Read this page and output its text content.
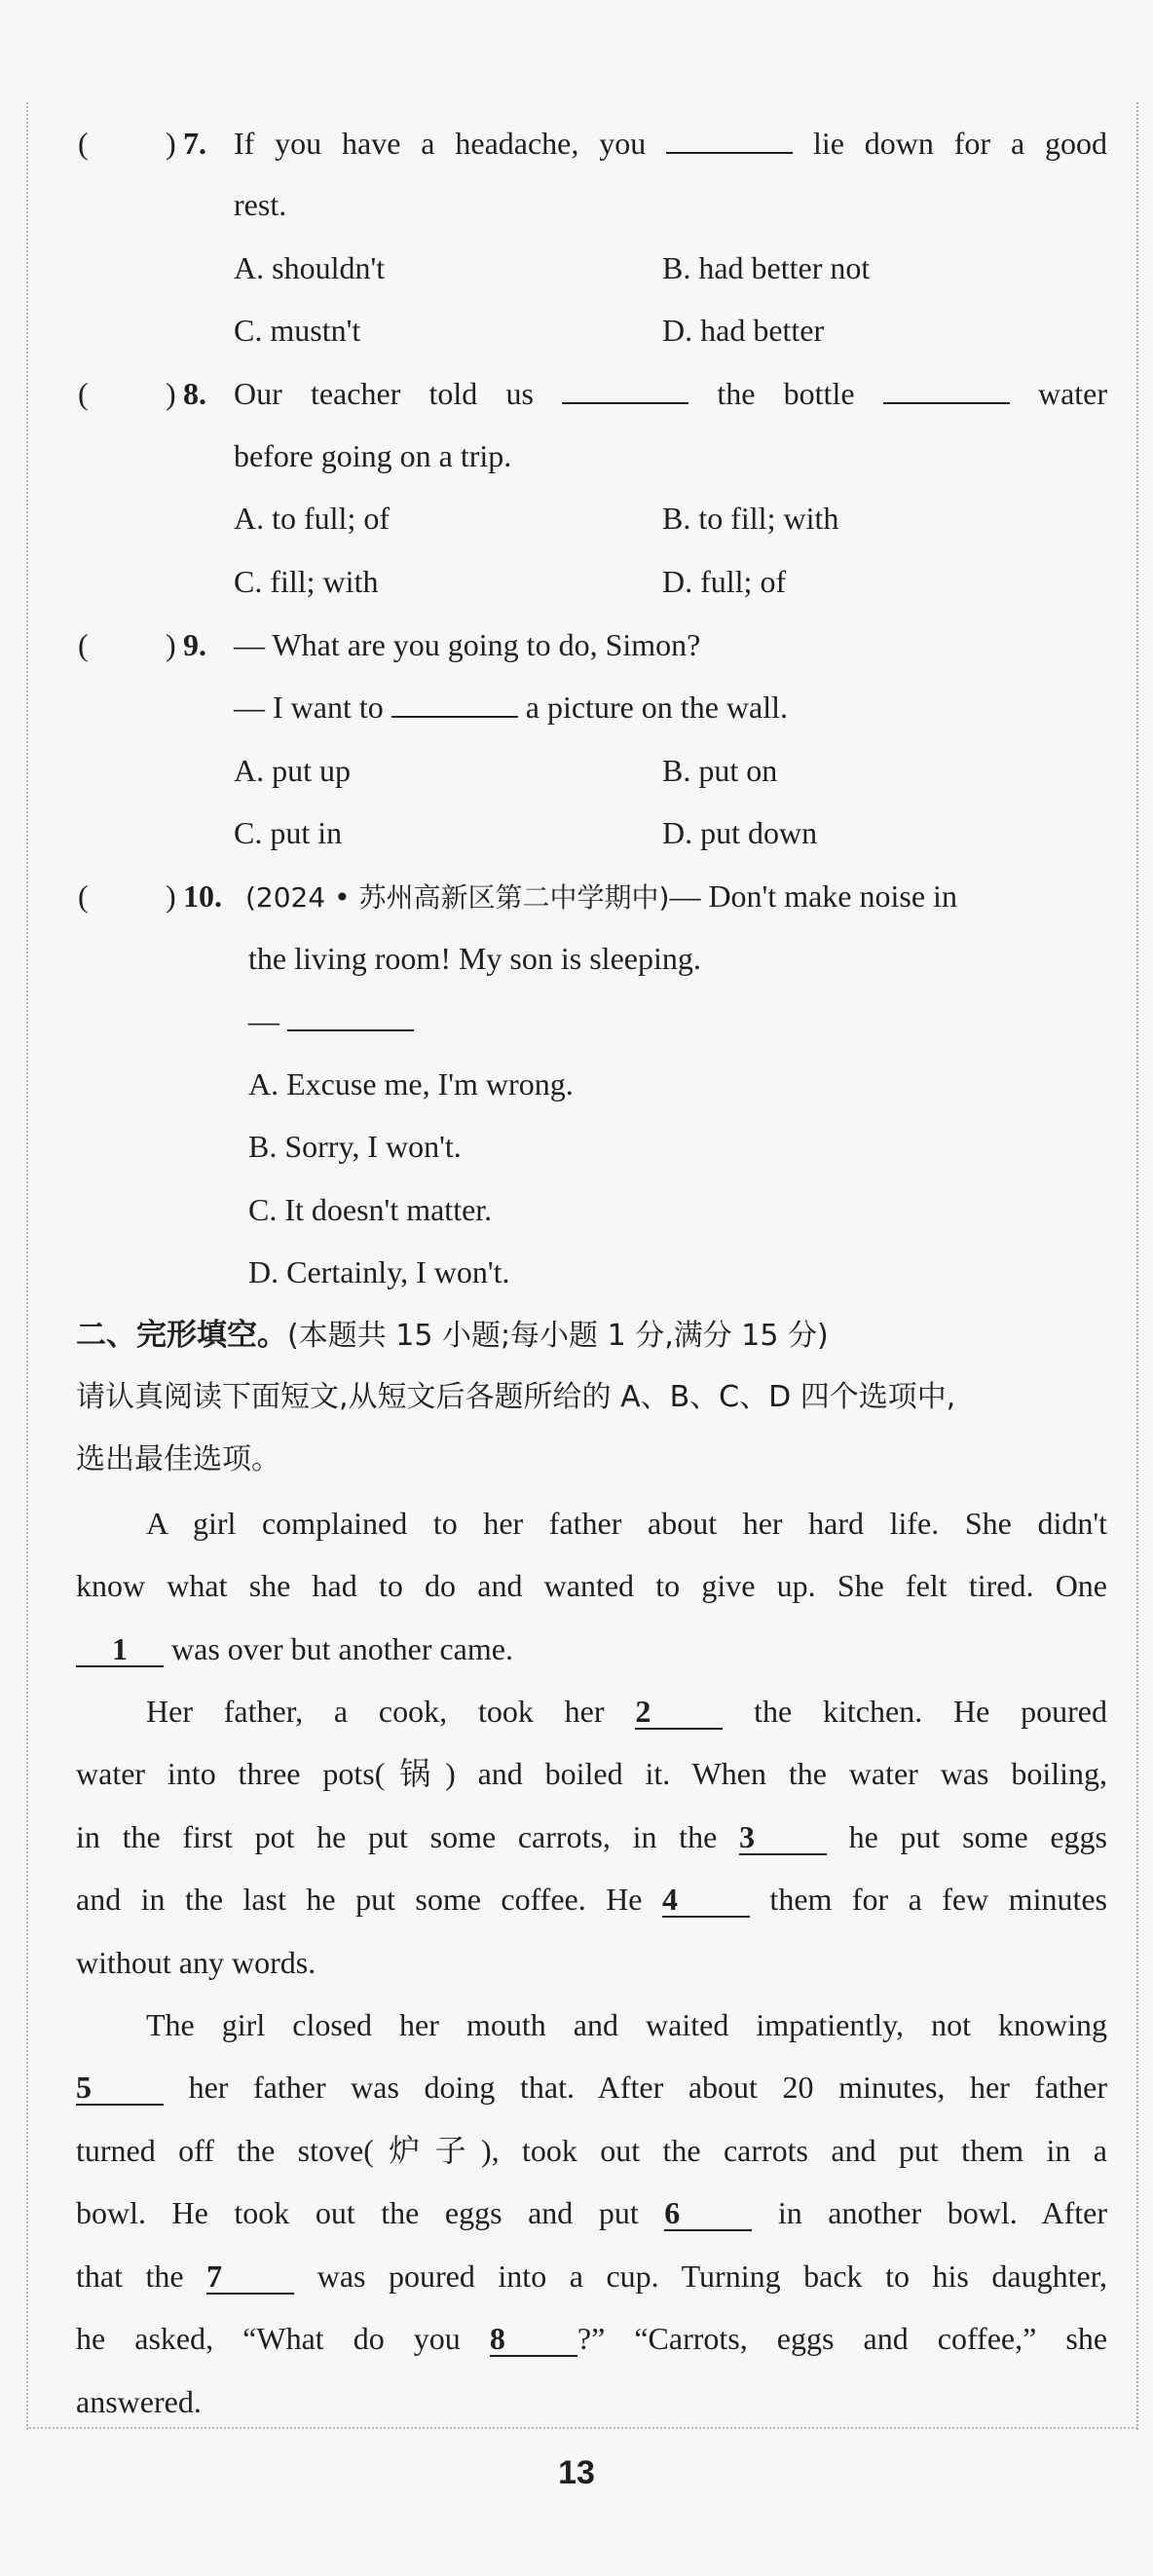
( ) 7. If you have a headache, you	lie down for a good
rest.
A. shouldn't	B. had better not
C. mustn't	D. had better
( ) 8. Our teacher told us	the bottle	water
before going on a trip.
A. to full; of	B. to fill; with
C. fill; with	D. full; of
( ) 9. — What are you going to do, Simon?
— I want to	a picture on the wall.
A. put up	B. put on
C. put in	D. put down
( ) 10. (2024 • 苏州高新区第二中学期中)— Don't make noise in
the living room! My son is sleeping.
—
A. Excuse me, I'm wrong.
B. Sorry, I won't.
C. It doesn't matter.
D. Certainly, I won't.
二、完形填空。(本题共 15 小题;每小题 1 分,满分 15 分)
请认真阅读下面短文,从短文后各题所给的 A、B、C、D 四个选项中,
选出最佳选项。
A girl complained to her father about her hard life. She didn't
know what she had to do and wanted to give up. She felt tired. One
1 was over but another came.
Her father, a cook, took her 2	the kitchen. He poured
water into three pots(锅) and boiled it. When the water was boiling,
in the first pot he put some carrots, in the 3	he put some eggs
and in the last he put some coffee. He 4	them for a few minutes
without any words.
The girl closed her mouth and waited impatiently, not knowing
5	her father was doing that. After about 20 minutes, her father
turned off the stove(炉子), took out the carrots and put them in a
bowl. He took out the eggs and put 6	in another bowl. After
that the 7	was poured into a cup. Turning back to his daughter,
he asked, “What do you 8 ?” “Carrots, eggs and coffee,” she
answered.
13
